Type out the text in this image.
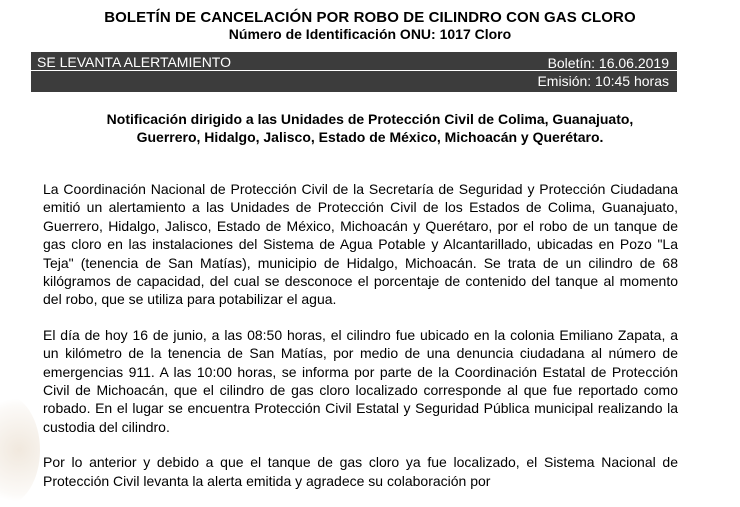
BOLETÍN DE CANCELACIÓN POR ROBO DE CILINDRO CON GAS CLORO
Número de Identificación ONU: 1017 Cloro
SE LEVANTA ALERTAMIENTO	Boletín: 16.06.2019
Emisión: 10:45 horas
Notificación dirigido a las Unidades de Protección Civil de Colima, Guanajuato,
Guerrero, Hidalgo, Jalisco, Estado de México, Michoacán y Querétaro.

La Coordinación Nacional de Protección Civil de la Secretaría de Seguridad y Protección Ciudadana emitió un alertamiento a las Unidades de Protección Civil de los Estados de Colima, Guanajuato, Guerrero, Hidalgo, Jalisco, Estado de México, Michoacán y Querétaro, por el robo de un tanque de gas cloro en las instalaciones del Sistema de Agua Potable y Alcantarillado, ubicadas en Pozo "La Teja" (tenencia de San Matías), municipio de Hidalgo, Michoacán. Se trata de un cilindro de 68 kilógramos de capacidad, del cual se desconoce el porcentaje de contenido del tanque al momento del robo, que se utiliza para potabilizar el agua.

El día de hoy 16 de junio, a las 08:50 horas, el cilindro fue ubicado en la colonia Emiliano Zapata, a un kilómetro de la tenencia de San Matías, por medio de una denuncia ciudadana al número de emergencias 911. A las 10:00 horas, se informa por parte de la Coordinación Estatal de Protección Civil de Michoacán, que el cilindro de gas cloro localizado corresponde al que fue reportado como robado. En el lugar se encuentra Protección Civil Estatal y Seguridad Pública municipal realizando la custodia del cilindro.

Por lo anterior y debido a que el tanque de gas cloro ya fue localizado, el Sistema Nacional de Protección Civil levanta la alerta emitida y agradece su colaboración por
